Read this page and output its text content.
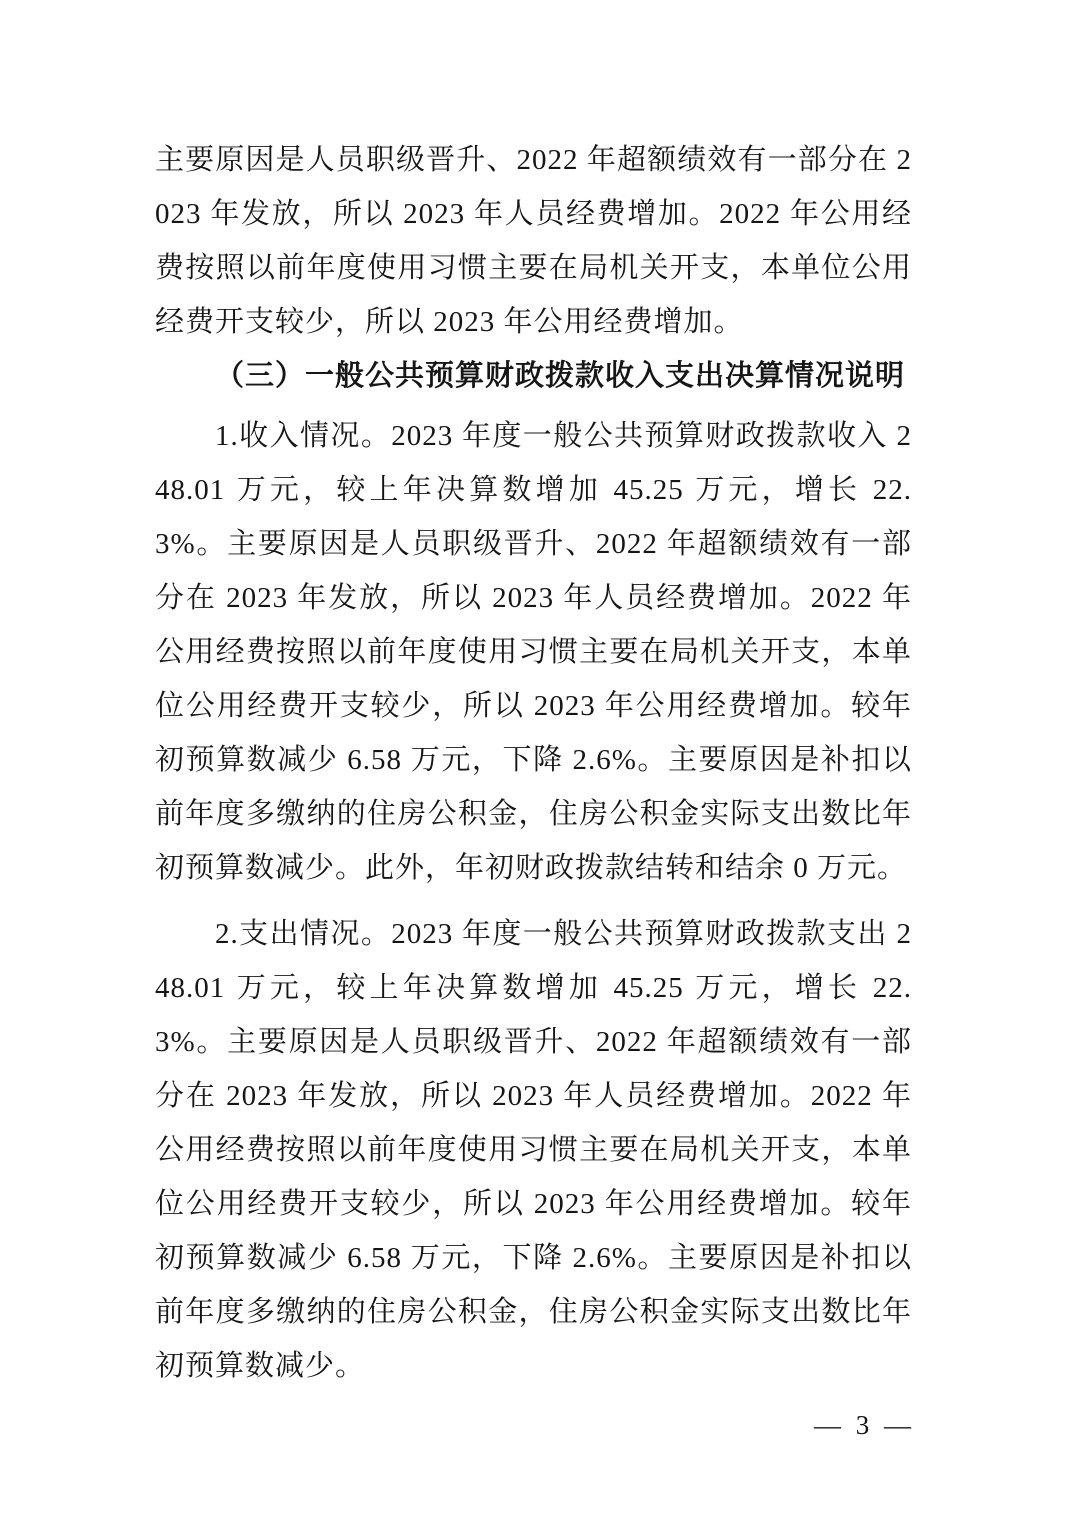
主要原因是人员职级晋升、2022 年超额绩效有一部分在 2023 年发放，所以 2023 年人员经费增加。2022 年公用经费按照以前年度使用习惯主要在局机关开支，本单位公用经费开支较少，所以 2023 年公用经费增加。

（三）一般公共预算财政拨款收入支出决算情况说明

1.收入情况。2023 年度一般公共预算财政拨款收入 248.01 万元，较上年决算数增加 45.25 万元，增长 22.3%。主要原因是人员职级晋升、2022 年超额绩效有一部分在 2023 年发放，所以 2023 年人员经费增加。2022 年公用经费按照以前年度使用习惯主要在局机关开支，本单位公用经费开支较少，所以 2023 年公用经费增加。较年初预算数减少 6.58 万元，下降 2.6%。主要原因是补扣以前年度多缴纳的住房公积金，住房公积金实际支出数比年初预算数减少。此外，年初财政拨款结转和结余 0 万元。

2.支出情况。2023 年度一般公共预算财政拨款支出 248.01 万元，较上年决算数增加 45.25 万元，增长 22.3%。主要原因是人员职级晋升、2022 年超额绩效有一部分在 2023 年发放，所以 2023 年人员经费增加。2022 年公用经费按照以前年度使用习惯主要在局机关开支，本单位公用经费开支较少，所以 2023 年公用经费增加。较年初预算数减少 6.58 万元，下降 2.6%。主要原因是补扣以前年度多缴纳的住房公积金，住房公积金实际支出数比年初预算数减少。

— 3 —
